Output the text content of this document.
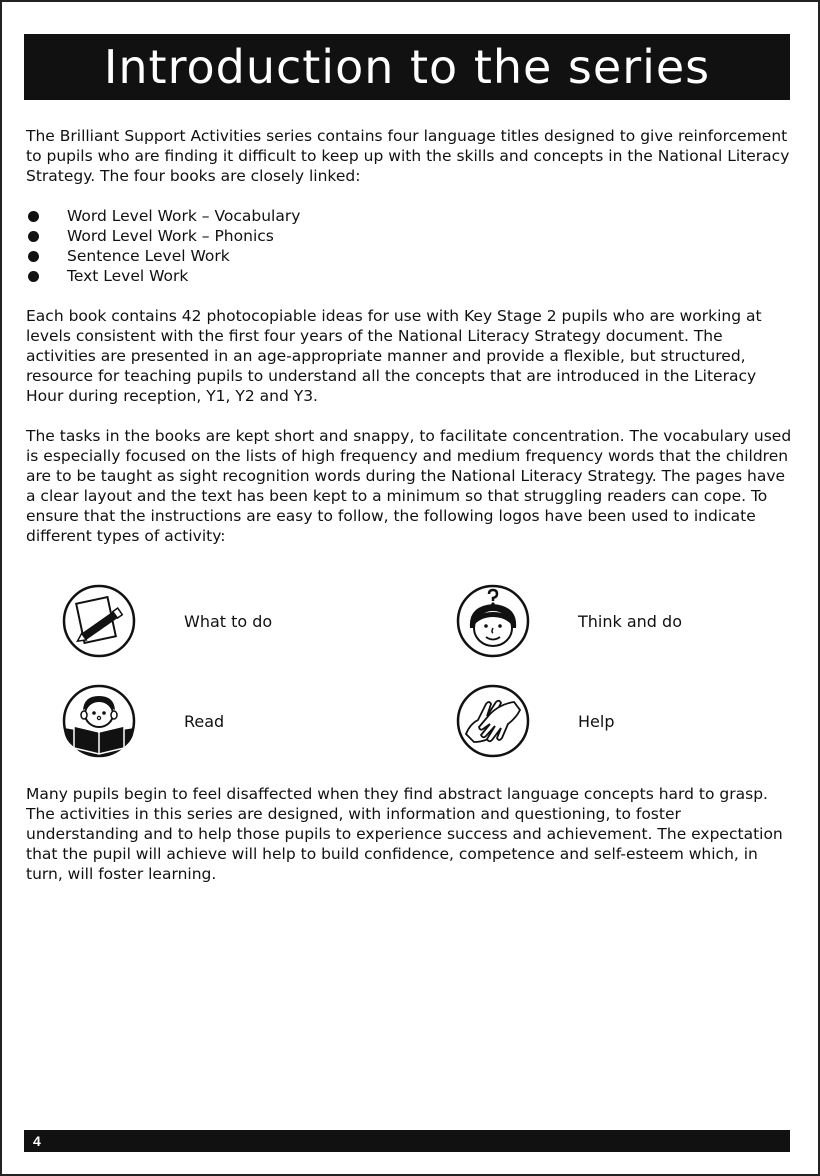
Introduction to the series

The Brilliant Support Activities series contains four language titles designed to give reinforcement to pupils who are finding it difficult to keep up with the skills and concepts in the National Literacy Strategy. The four books are closely linked:

Word Level Work – Vocabulary
Word Level Work – Phonics
Sentence Level Work
Text Level Work

Each book contains 42 photocopiable ideas for use with Key Stage 2 pupils who are working at levels consistent with the first four years of the National Literacy Strategy document. The activities are presented in an age-appropriate manner and provide a flexible, but structured, resource for teaching pupils to understand all the concepts that are introduced in the Literacy Hour during reception, Y1, Y2 and Y3.

The tasks in the books are kept short and snappy, to facilitate concentration. The vocabulary used is especially focused on the lists of high frequency and medium frequency words that the children are to be taught as sight recognition words during the National Literacy Strategy. The pages have a clear layout and the text has been kept to a minimum so that struggling readers can cope. To ensure that the instructions are easy to follow, the following logos have been used to indicate different types of activity:

What to do	Think and do
Read	Help

Many pupils begin to feel disaffected when they find abstract language concepts hard to grasp. The activities in this series are designed, with information and questioning, to foster understanding and to help those pupils to experience success and achievement. The expectation that the pupil will achieve will help to build confidence, competence and self-esteem which, in turn, will foster learning.

4
